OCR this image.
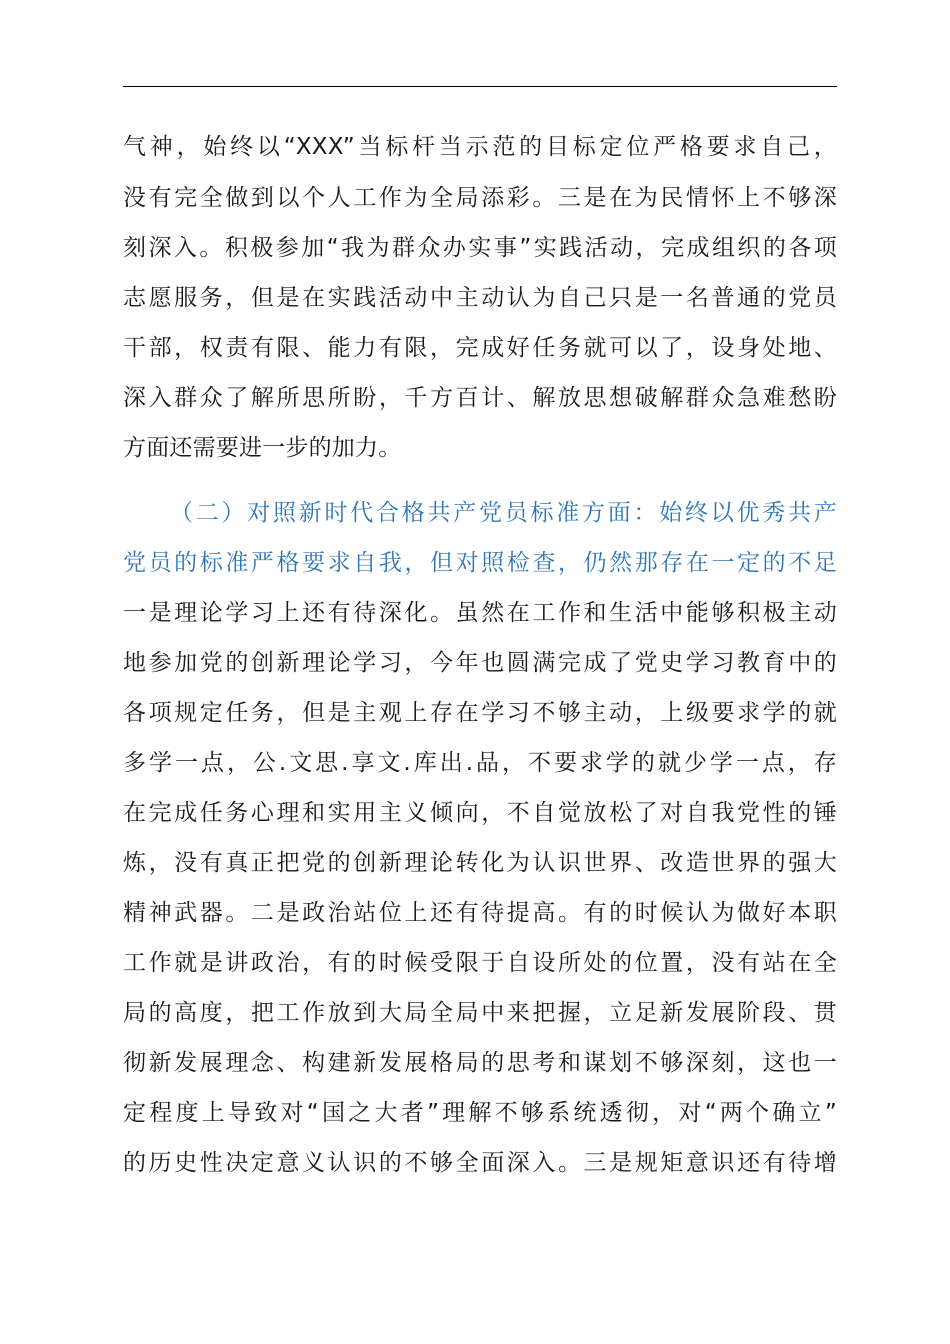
气神，始终以“XXX”当标杆当示范的目标定位严格要求自己，
没有完全做到以个人工作为全局添彩。三是在为民情怀上不够深
刻深入。积极参加“我为群众办实事”实践活动，完成组织的各项
志愿服务，但是在实践活动中主动认为自己只是一名普通的党员
干部，权责有限、能力有限，完成好任务就可以了，设身处地、
深入群众了解所思所盼，千方百计、解放思想破解群众急难愁盼
方面还需要进一步的加力。
（二）对照新时代合格共产党员标准方面：始终以优秀共产
党员的标准严格要求自我，但对照检查，仍然那存在一定的不足
一是理论学习上还有待深化。虽然在工作和生活中能够积极主动
地参加党的创新理论学习，今年也圆满完成了党史学习教育中的
各项规定任务，但是主观上存在学习不够主动，上级要求学的就
多学一点，公.文思.享文.库出.品，不要求学的就少学一点，存
在完成任务心理和实用主义倾向，不自觉放松了对自我党性的锤
炼，没有真正把党的创新理论转化为认识世界、改造世界的强大
精神武器。二是政治站位上还有待提高。有的时候认为做好本职
工作就是讲政治，有的时候受限于自设所处的位置，没有站在全
局的高度，把工作放到大局全局中来把握，立足新发展阶段、贯
彻新发展理念、构建新发展格局的思考和谋划不够深刻，这也一
定程度上导致对“国之大者”理解不够系统透彻，对“两个确立”
的历史性决定意义认识的不够全面深入。三是规矩意识还有待增
